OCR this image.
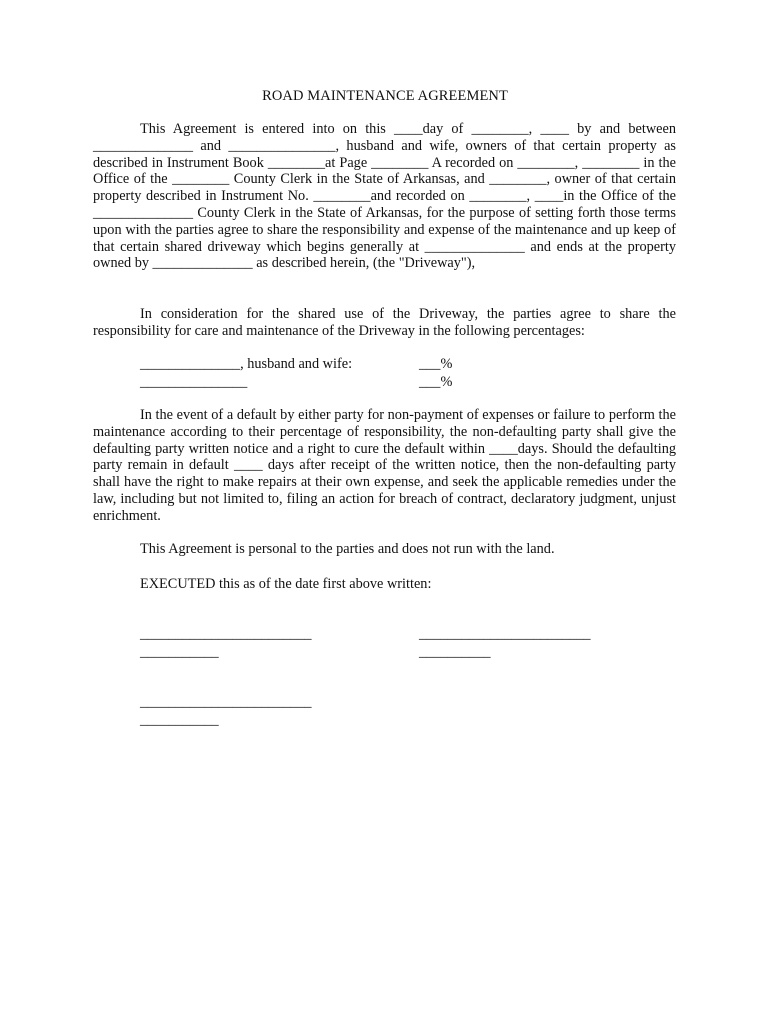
ROAD MAINTENANCE AGREEMENT
This Agreement is entered into on this ____day of ________, ____ by and between ______________ and _______________, husband and wife, owners of that certain property as described in Instrument Book ________at Page ________ A recorded on ________, ________ in the Office of the ________ County Clerk in the State of Arkansas, and ________, owner of that certain property described in Instrument No. ________and recorded on ________, ____in the Office of the ______________ County Clerk in the State of Arkansas, for the purpose of setting forth those terms upon with the parties agree to share the responsibility and expense of the maintenance and up keep of that certain shared driveway which begins generally at ______________ and ends at the property owned by ______________ as described herein, (the "Driveway"),
In consideration for the shared use of the Driveway, the parties agree to share the responsibility for care and maintenance of the Driveway in the following percentages:
______________, husband and wife:	___%
_______________	___%
In the event of a default by either party for non-payment of expenses or failure to perform the maintenance according to their percentage of responsibility, the non-defaulting party shall give the defaulting party written notice and a right to cure the default within ____days. Should the defaulting party remain in default ____ days after receipt of the written notice, then the non-defaulting party shall have the right to make repairs at their own expense, and seek the applicable remedies under the law, including but not limited to, filing an action for breach of contract, declaratory judgment, unjust enrichment.
This Agreement is personal to the parties and does not run with the land.
EXECUTED this as of the date first above written:
________________________
___________
________________________
__________
________________________
___________
